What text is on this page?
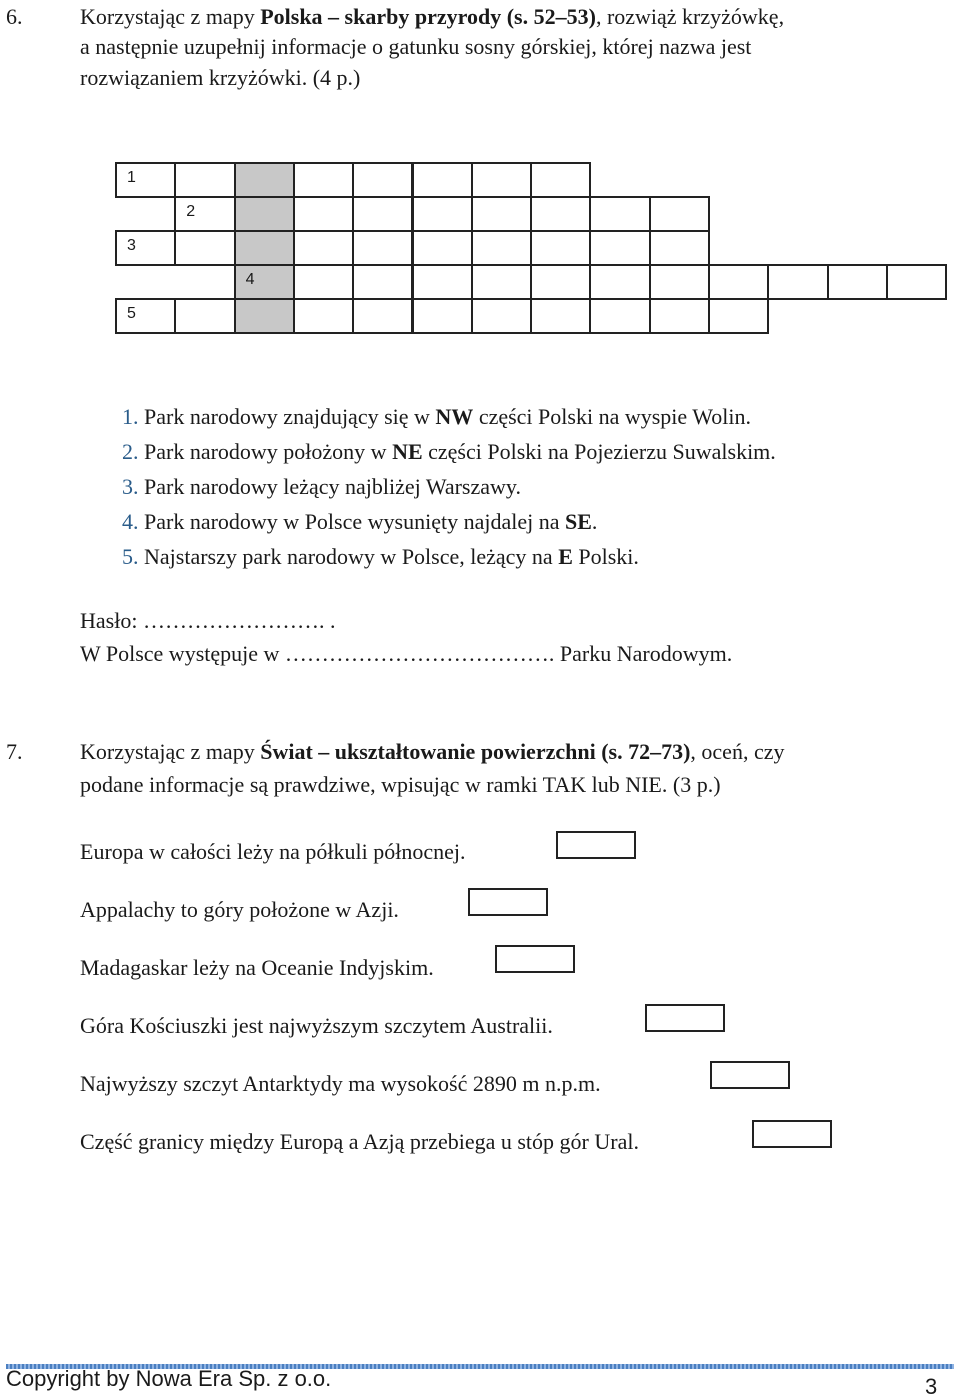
6.	Korzystając z mapy Polska – skarby przyrody (s. 52–53), rozwiąż krzyżówkę,
a następnie uzupełnij informacje o gatunku sosny górskiej, której nazwa jest
rozwiązaniem krzyżówki. (4 p.)
1
2
3
4
5
1. Park narodowy znajdujący się w NW części Polski na wyspie Wolin.
2. Park narodowy położony w NE części Polski na Pojezierzu Suwalskim.
3. Park narodowy leżący najbliżej Warszawy.
4. Park narodowy w Polsce wysunięty najdalej na SE.
5. Najstarszy park narodowy w Polsce, leżący na E Polski.
Hasło: ……………………. .
W Polsce występuje w ………………………………. Parku Narodowym.
7.	Korzystając z mapy Świat – ukształtowanie powierzchni (s. 72–73), oceń, czy
podane informacje są prawdziwe, wpisując w ramki TAK lub NIE. (3 p.)
Europa w całości leży na półkuli północnej.
Appalachy to góry położone w Azji.
Madagaskar leży na Oceanie Indyjskim.
Góra Kościuszki jest najwyższym szczytem Australii.
Najwyższy szczyt Antarktydy ma wysokość 2890 m n.p.m.
Część granicy między Europą a Azją przebiega u stóp gór Ural.
Copyright by Nowa Era Sp. z o.o.	3
